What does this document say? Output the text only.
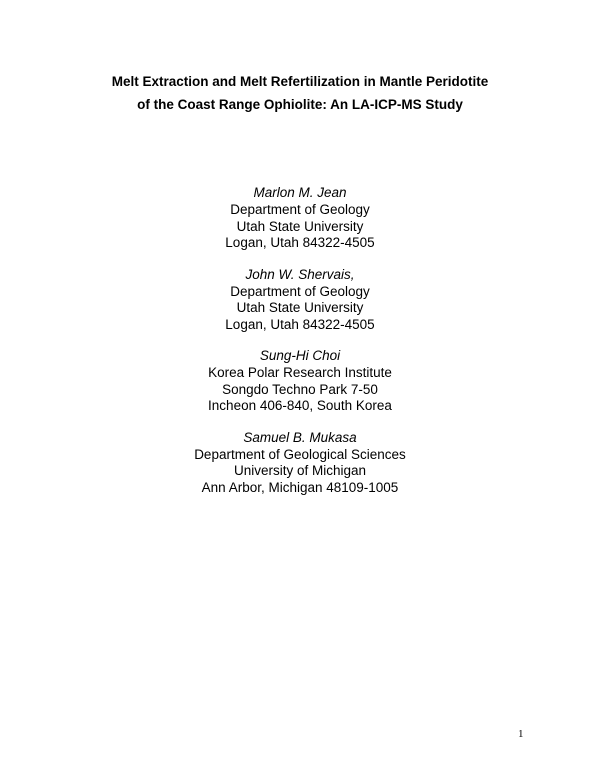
Melt Extraction and Melt Refertilization in Mantle Peridotite
of the Coast Range Ophiolite: An LA-ICP-MS Study
Marlon M. Jean
Department of Geology
Utah State University
Logan, Utah 84322-4505
John W. Shervais,
Department of Geology
Utah State University
Logan, Utah 84322-4505
Sung-Hi Choi
Korea Polar Research Institute
Songdo Techno Park 7-50
Incheon 406-840, South Korea
Samuel B. Mukasa
Department of Geological Sciences
University of Michigan
Ann Arbor, Michigan 48109-1005
1
